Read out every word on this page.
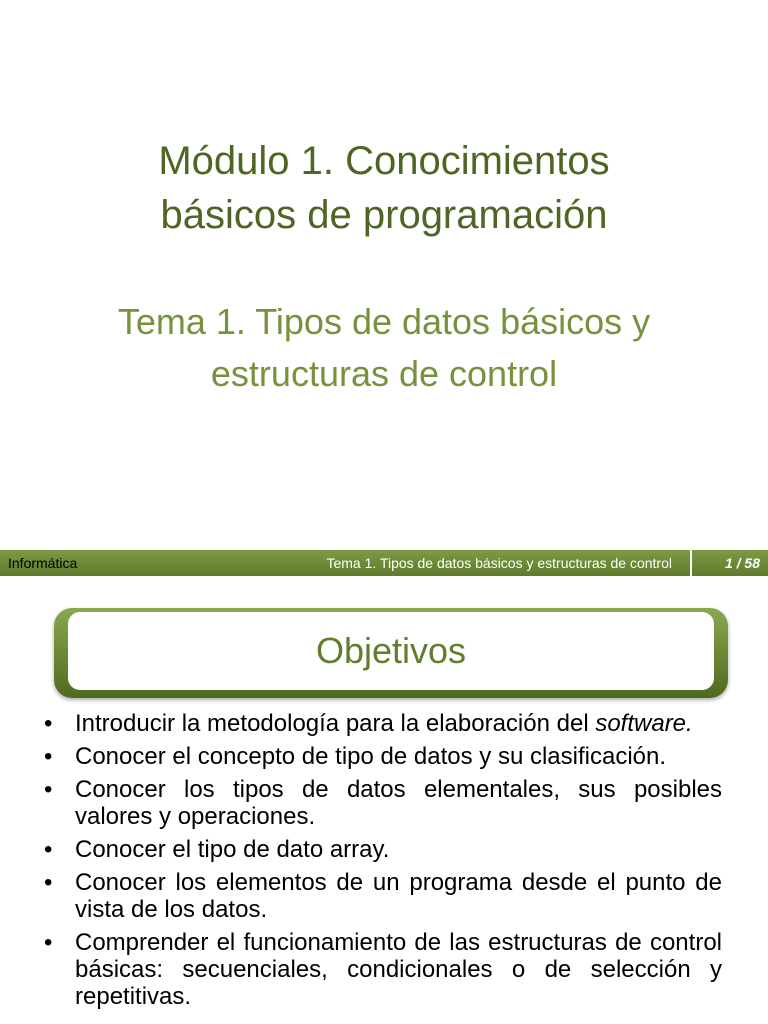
Módulo 1. Conocimientos
básicos de programación
Tema 1. Tipos de datos básicos y
estructuras de control
Informática	Tema 1. Tipos de datos básicos y estructuras de control	1 / 58
Objetivos
• Introducir la metodología para la elaboración del software.
• Conocer el concepto de tipo de datos y su clasificación.
• Conocer los tipos de datos elementales, sus posibles valores y operaciones.
• Conocer el tipo de dato array.
• Conocer los elementos de un programa desde el punto de vista de los datos.
• Comprender el funcionamiento de las estructuras de control básicas: secuenciales, condicionales o de selección y repetitivas.
